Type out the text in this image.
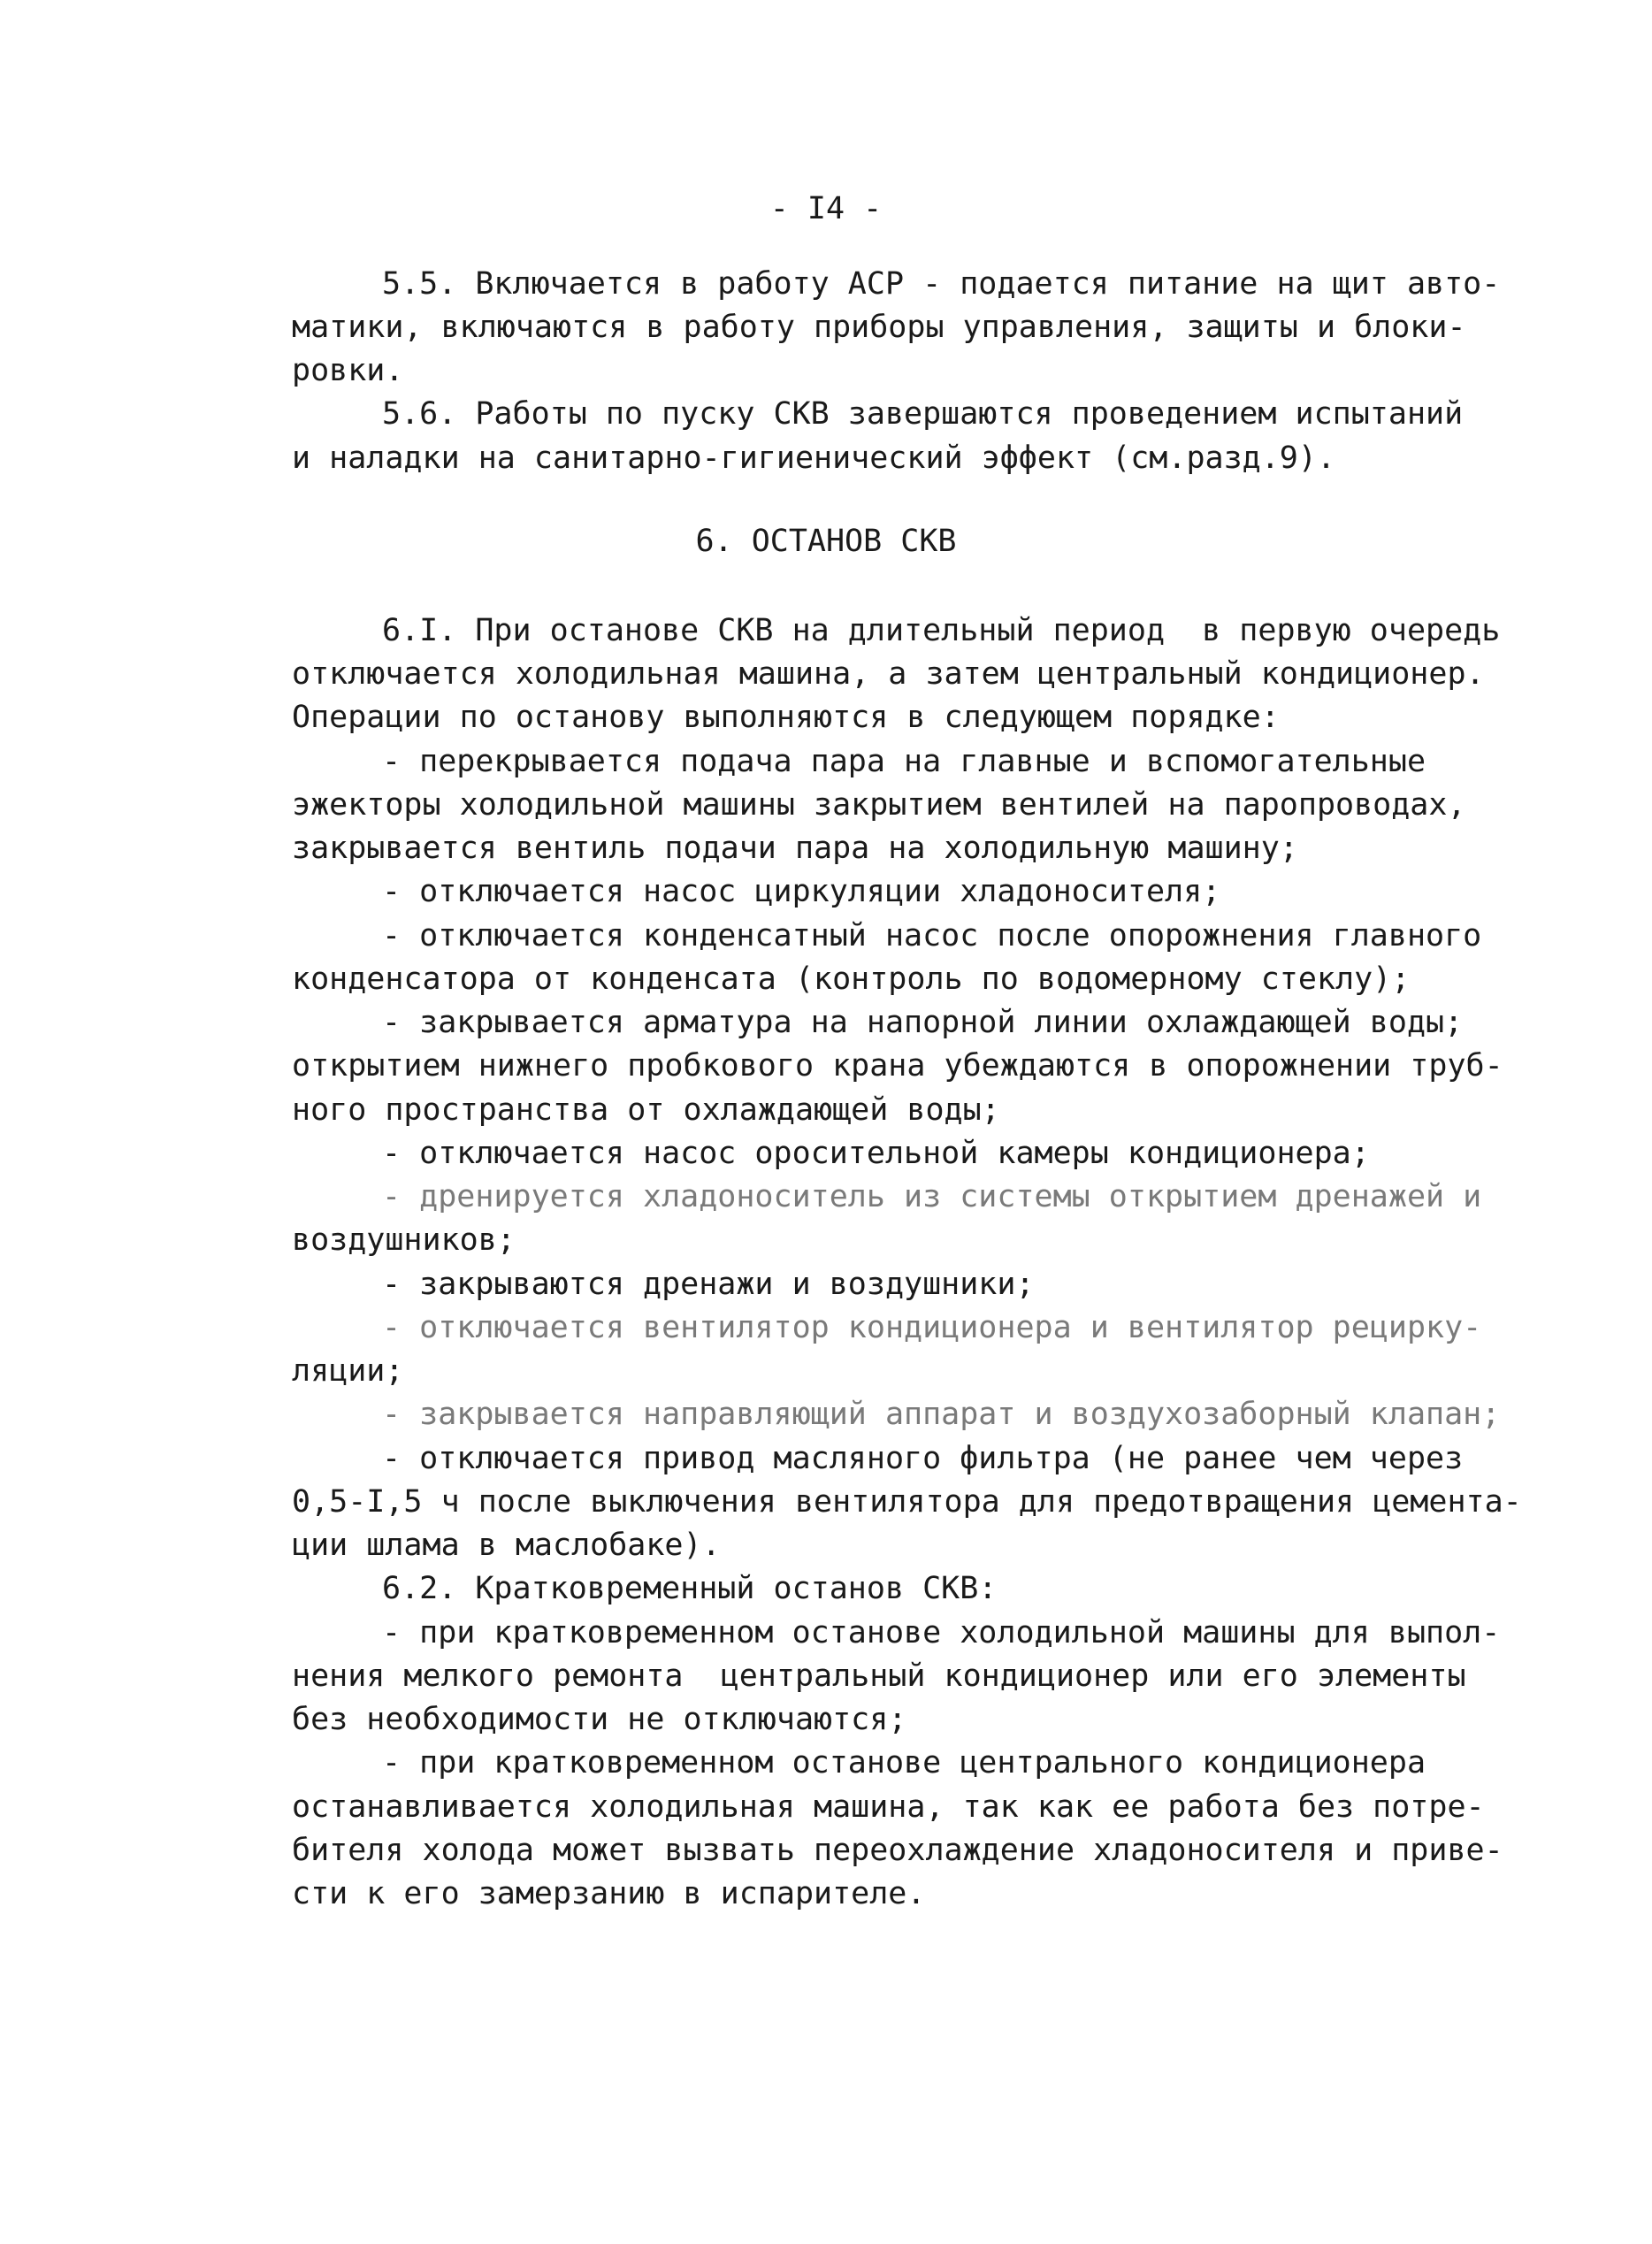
- I4 -
5.5. Включается в работу АСР - подается питание на щит авто-
матики, включаются в работу приборы управления, защиты и блоки-
ровки.
5.6. Работы по пуску СКВ завершаются проведением испытаний
и наладки на санитарно-гигиенический эффект (см.разд.9).
6. ОСТАНОВ СКВ
6.I. При останове СКВ на длительный период  в первую очередь
отключается холодильная машина, а затем центральный кондиционер.
Операции по останову выполняются в следующем порядке:
- перекрывается подача пара на главные и вспомогательные
эжекторы холодильной машины закрытием вентилей на паропроводах,
закрывается вентиль подачи пара на холодильную машину;
- отключается насос циркуляции хладоносителя;
- отключается конденсатный насос после опорожнения главного
конденсатора от конденсата (контроль по водомерному стеклу);
- закрывается арматура на напорной линии охлаждающей воды;
открытием нижнего пробкового крана убеждаются в опорожнении труб-
ного пространства от охлаждающей воды;
- отключается насос оросительной камеры кондиционера;
- дренируется хладоноситель из системы открытием дренажей и
воздушников;
- закрываются дренажи и воздушники;
- отключается вентилятор кондиционера и вентилятор рецирку-
ляции;
- закрывается направляющий аппарат и воздухозаборный клапан;
- отключается привод масляного фильтра (не ранее чем через
0,5-I,5 ч после выключения вентилятора для предотвращения цемента-
ции шлама в маслобаке).
6.2. Кратковременный останов СКВ:
- при кратковременном останове холодильной машины для выпол-
нения мелкого ремонта  центральный кондиционер или его элементы
без необходимости не отключаются;
- при кратковременном останове центрального кондиционера
останавливается холодильная машина, так как ее работа без потре-
бителя холода может вызвать переохлаждение хладоносителя и приве-
сти к его замерзанию в испарителе.
